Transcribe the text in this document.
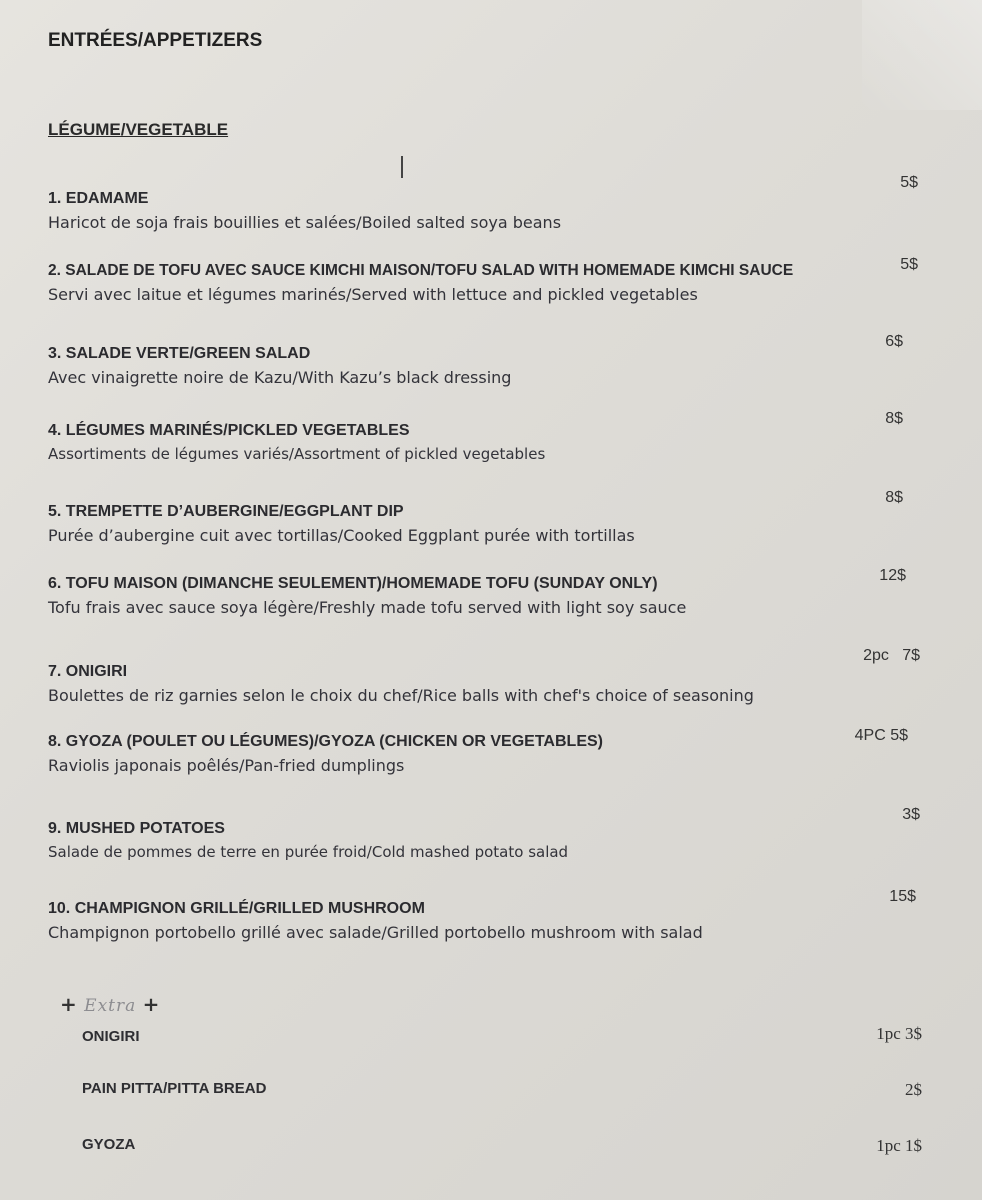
ENTRÉES/APPETIZERS
LÉGUME/VEGETABLE
5$
1. EDAMAME
Haricot de soja frais bouillies et salées/Boiled salted soya beans
5$
2. SALADE DE TOFU AVEC SAUCE KIMCHI MAISON/TOFU SALAD WITH HOMEMADE KIMCHI SAUCE
Servi avec laitue et légumes marinés/Served with lettuce and pickled vegetables
6$
3. SALADE VERTE/GREEN SALAD
Avec vinaigrette noire de Kazu/With Kazu’s black dressing
8$
4. LÉGUMES MARINÉS/PICKLED VEGETABLES
Assortiments de légumes variés/Assortment of pickled vegetables
8$
5. TREMPETTE D’AUBERGINE/EGGPLANT DIP
Purée d’aubergine cuit avec tortillas/Cooked Eggplant purée with tortillas
12$
6. TOFU MAISON (DIMANCHE SEULEMENT)/HOMEMADE TOFU (SUNDAY ONLY)
Tofu frais avec sauce soya légère/Freshly made tofu served with light soy sauce
2pc   7$
7. ONIGIRI
Boulettes de riz garnies selon le choix du chef/Rice balls with chef's choice of seasoning
4PC 5$
8. GYOZA (POULET OU LÉGUMES)/GYOZA (CHICKEN OR VEGETABLES)
Raviolis japonais poêlés/Pan-fried dumplings
3$
9. MUSHED POTATOES
Salade de pommes de terre en purée froid/Cold mashed potato salad
15$
10. CHAMPIGNON GRILLÉ/GRILLED MUSHROOM
Champignon portobello grillé avec salade/Grilled portobello mushroom with salad
+ Extra +
ONIGIRI	1pc 3$
PAIN PITTA/PITTA BREAD	2$
GYOZA	1pc 1$
